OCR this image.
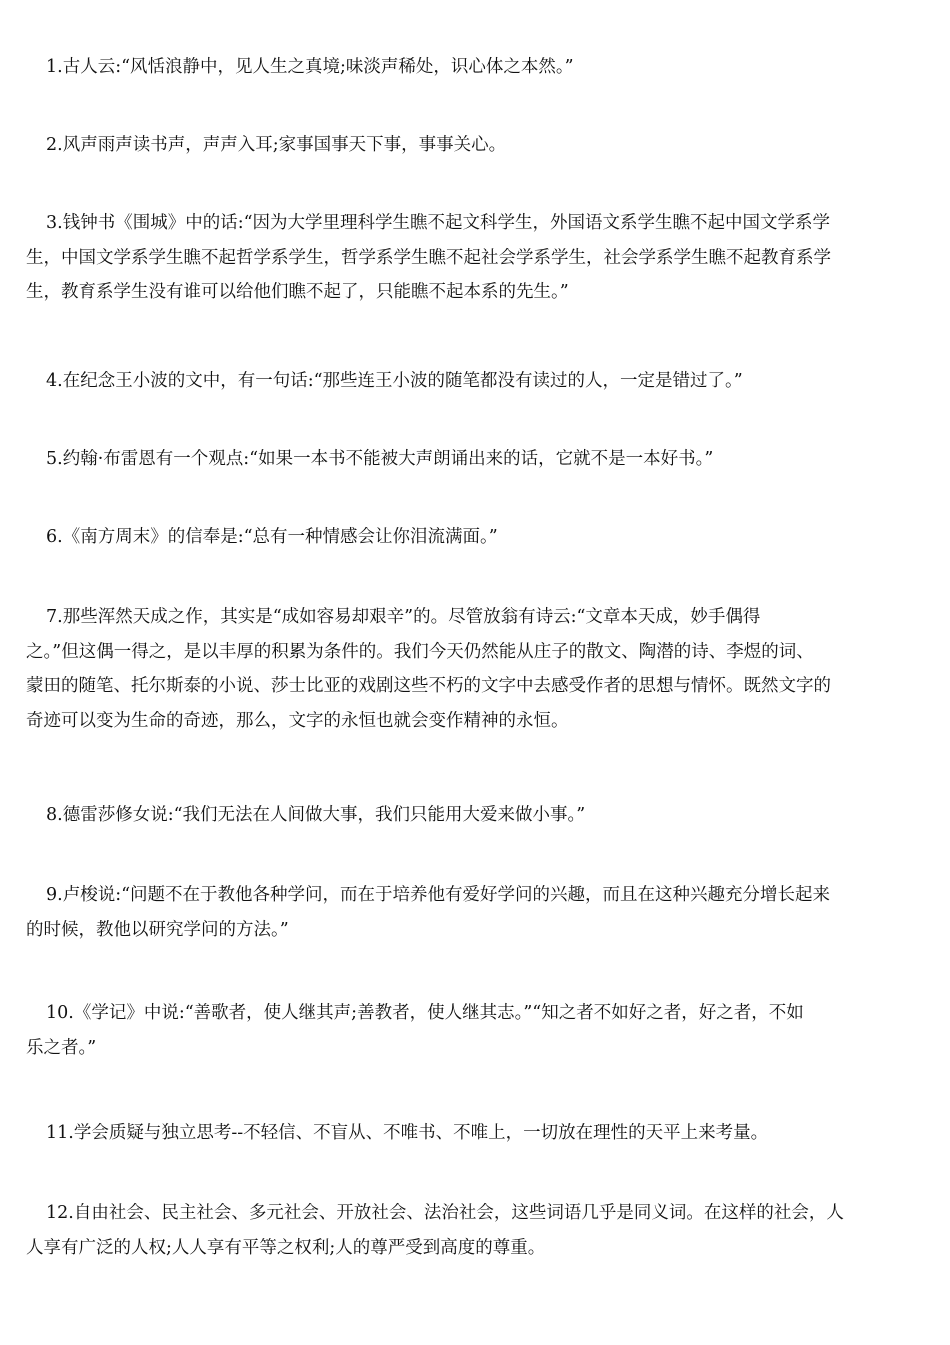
1.古人云:“风恬浪静中，见人生之真境;味淡声稀处，识心体之本然。”

2.风声雨声读书声，声声入耳;家事国事天下事，事事关心。

3.钱钟书《围城》中的话:“因为大学里理科学生瞧不起文科学生，外国语文系学生瞧不起中国文学系学
生，中国文学系学生瞧不起哲学系学生，哲学系学生瞧不起社会学系学生，社会学系学生瞧不起教育系学
生，教育系学生没有谁可以给他们瞧不起了，只能瞧不起本系的先生。”

4.在纪念王小波的文中，有一句话:“那些连王小波的随笔都没有读过的人，一定是错过了。”

5.约翰·布雷恩有一个观点:“如果一本书不能被大声朗诵出来的话，它就不是一本好书。”

6.《南方周末》的信奉是:“总有一种情感会让你泪流满面。”

7.那些浑然天成之作，其实是“成如容易却艰辛”的。尽管放翁有诗云:“文章本天成，妙手偶得
之。”但这偶一得之，是以丰厚的积累为条件的。我们今天仍然能从庄子的散文、陶潜的诗、李煜的词、
蒙田的随笔、托尔斯泰的小说、莎士比亚的戏剧这些不朽的文字中去感受作者的思想与情怀。既然文字的
奇迹可以变为生命的奇迹，那么，文字的永恒也就会变作精神的永恒。

8.德雷莎修女说:“我们无法在人间做大事，我们只能用大爱来做小事。”

9.卢梭说:“问题不在于教他各种学问，而在于培养他有爱好学问的兴趣，而且在这种兴趣充分增长起来
的时候，教他以研究学问的方法。”

10.《学记》中说:“善歌者，使人继其声;善教者，使人继其志。”“知之者不如好之者，好之者，不如
乐之者。”

11.学会质疑与独立思考--不轻信、不盲从、不唯书、不唯上，一切放在理性的天平上来考量。

12.自由社会、民主社会、多元社会、开放社会、法治社会，这些词语几乎是同义词。在这样的社会，人
人享有广泛的人权;人人享有平等之权利;人的尊严受到高度的尊重。
